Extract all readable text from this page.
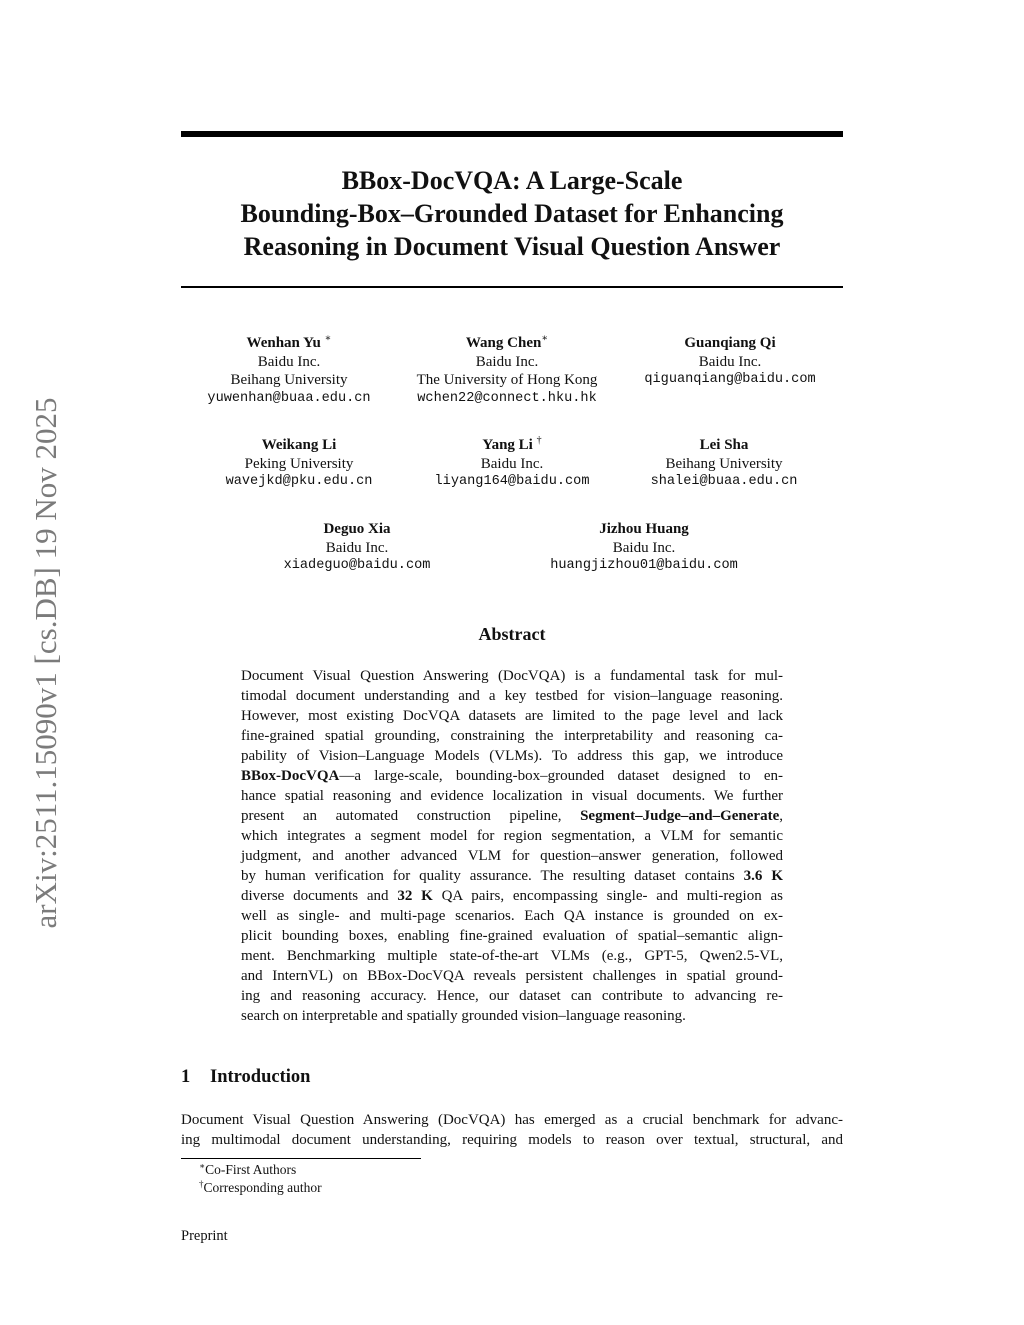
arXiv:2511.15090v1 [cs.DB] 19 Nov 2025
BBox-DocVQA: A Large-Scale
Bounding-Box–Grounded Dataset for Enhancing
Reasoning in Document Visual Question Answer
Wenhan Yu ∗
Baidu Inc.
Beihang University
yuwenhan@buaa.edu.cn
Wang Chen∗
Baidu Inc.
The University of Hong Kong
wchen22@connect.hku.hk
Guanqiang Qi
Baidu Inc.
qiguanqiang@baidu.com
Weikang Li
Peking University
wavejkd@pku.edu.cn
Yang Li †
Baidu Inc.
liyang164@baidu.com
Lei Sha
Beihang University
shalei@buaa.edu.cn
Deguo Xia
Baidu Inc.
xiadeguo@baidu.com
Jizhou Huang
Baidu Inc.
huangjizhou01@baidu.com
Abstract
Document Visual Question Answering (DocVQA) is a fundamental task for mul-
timodal document understanding and a key testbed for vision–language reasoning.
However, most existing DocVQA datasets are limited to the page level and lack
fine-grained spatial grounding, constraining the interpretability and reasoning ca-
pability of Vision–Language Models (VLMs). To address this gap, we introduce
BBox-DocVQA—a large-scale, bounding-box–grounded dataset designed to en-
hance spatial reasoning and evidence localization in visual documents. We further
present an automated construction pipeline, Segment–Judge–and–Generate,
which integrates a segment model for region segmentation, a VLM for semantic
judgment, and another advanced VLM for question–answer generation, followed
by human verification for quality assurance. The resulting dataset contains 3.6 K
diverse documents and 32 K QA pairs, encompassing single- and multi-region as
well as single- and multi-page scenarios. Each QA instance is grounded on ex-
plicit bounding boxes, enabling fine-grained evaluation of spatial–semantic align-
ment. Benchmarking multiple state-of-the-art VLMs (e.g., GPT-5, Qwen2.5-VL,
and InternVL) on BBox-DocVQA reveals persistent challenges in spatial ground-
ing and reasoning accuracy. Hence, our dataset can contribute to advancing re-
search on interpretable and spatially grounded vision–language reasoning.
1 Introduction
Document Visual Question Answering (DocVQA) has emerged as a crucial benchmark for advanc-
ing multimodal document understanding, requiring models to reason over textual, structural, and
∗Co-First Authors
†Corresponding author
Preprint
